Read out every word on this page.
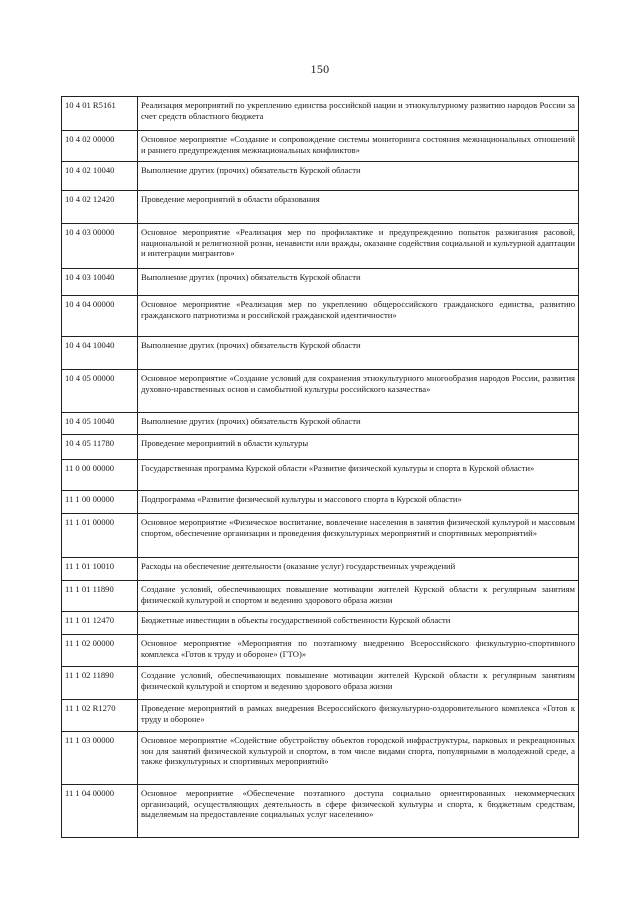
150
10 4 01 R5161	Реализация мероприятий по укреплению единства российской нации и этнокультурному развитию народов России за счет средств областного бюджета
10 4 02 00000	Основное мероприятие «Создание и сопровождение системы мониторинга состояния межнациональных отношений и раннего предупреждения межнациональных конфликтов»
10 4 02 10040	Выполнение других (прочих) обязательств Курской области
10 4 02 12420	Проведение мероприятий в области образования
10 4 03 00000	Основное мероприятие «Реализация мер по профилактике и предупреждению попыток разжигания расовой, национальной и религиозной розни, ненависти или вражды, оказание содействия социальной и культурной адаптации и интеграции мигрантов»
10 4 03 10040	Выполнение других (прочих) обязательств Курской области
10 4 04 00000	Основное мероприятие «Реализация мер по укреплению общероссийского гражданского единства, развитию гражданского патриотизма и российской гражданской идентичности»
10 4 04 10040	Выполнение других (прочих) обязательств Курской области
10 4 05 00000	Основное мероприятие «Создание условий для сохранения этнокультурного многообразия народов России, развития духовно-нравственных основ и самобытной культуры российского казачества»
10 4 05 10040	Выполнение других (прочих) обязательств Курской области
10 4 05 11780	Проведение мероприятий в области культуры
11 0 00 00000	Государственная программа Курской области «Развитие физической культуры и спорта в Курской области»
11 1 00 00000	Подпрограмма «Развитие физической культуры и массового спорта в Курской области»
11 1 01 00000	Основное мероприятие «Физическое воспитание, вовлечение населения в занятия физической культурой и массовым спортом, обеспечение организации и проведения физкультурных мероприятий и спортивных мероприятий»
11 1 01 10010	Расходы на обеспечение деятельности (оказание услуг) государственных учреждений
11 1 01 11890	Создание условий, обеспечивающих повышение мотивации жителей Курской области к регулярным занятиям физической культурой и спортом и ведению здорового образа жизни
11 1 01 12470	Бюджетные инвестиции в объекты государственной собственности Курской области
11 1 02 00000	Основное мероприятие «Мероприятия по поэтапному внедрению Всероссийского физкультурно-спортивного комплекса «Готов к труду и обороне» (ГТО)»
11 1 02 11890	Создание условий, обеспечивающих повышение мотивации жителей Курской области к регулярным занятиям физической культурой и спортом и ведению здорового образа жизни
11 1 02 R1270	Проведение мероприятий в рамках внедрения Всероссийского физкультурно-оздоровительного комплекса «Готов к труду и обороне»
11 1 03 00000	Основное мероприятие «Содействие обустройству объектов городской инфраструктуры, парковых и рекреационных зон для занятий физической культурой и спортом, в том числе видами спорта, популярными в молодежной среде, а также физкультурных и спортивных мероприятий»
11 1 04 00000	Основное мероприятие «Обеспечение поэтапного доступа социально ориентированных некоммерческих организаций, осуществляющих деятельность в сфере физической культуры и спорта, к бюджетным средствам, выделяемым на предоставление социальных услуг населению»
